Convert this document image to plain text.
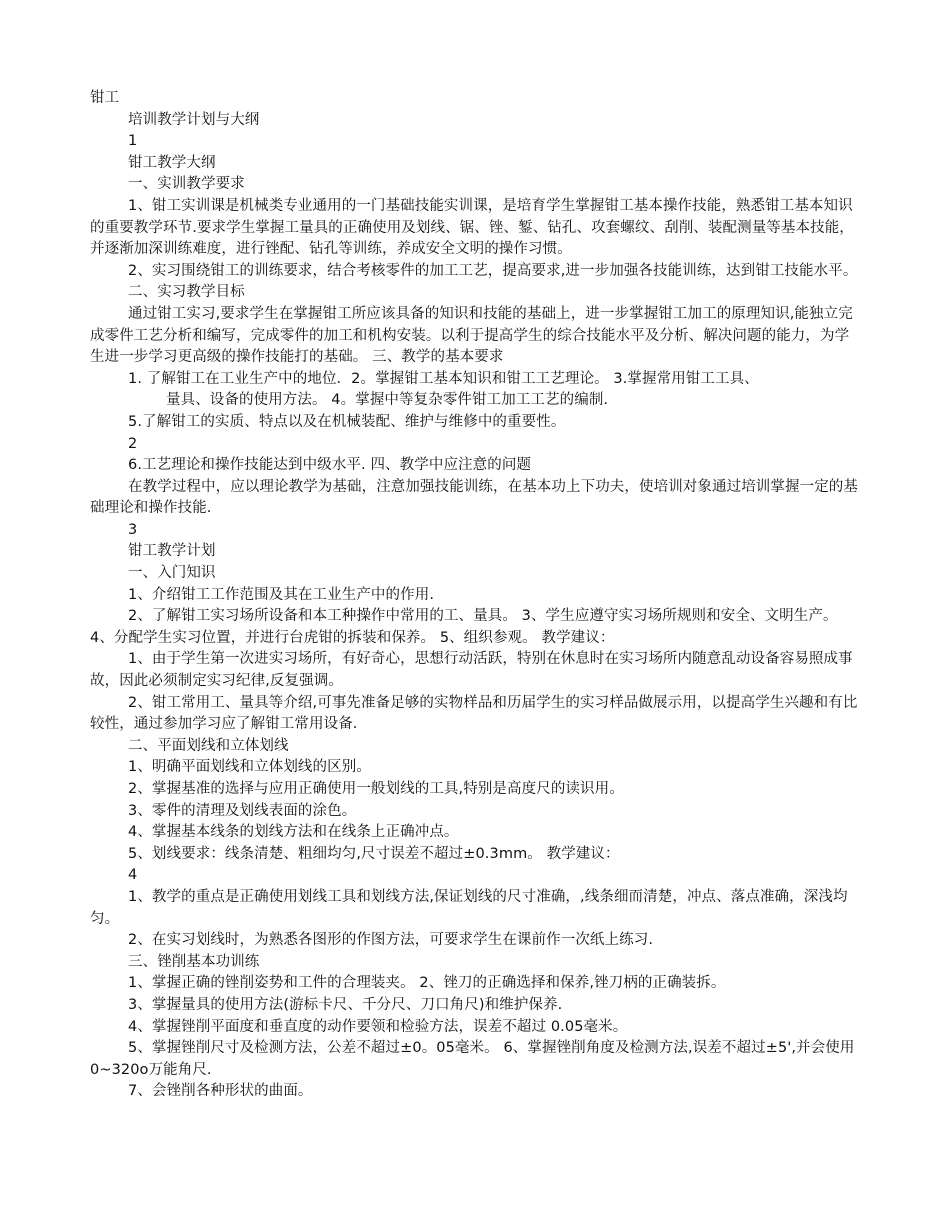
钳工

培训教学计划与大纲

1

钳工教学大纲

一、实训教学要求

1、钳工实训课是机械类专业通用的一门基础技能实训课，是培育学生掌握钳工基本操作技能，熟悉钳工基本知识的重要教学环节.要求学生掌握工量具的正确使用及划线、锯、锉、錾、钻孔、攻套螺纹、刮削、装配测量等基本技能，并逐渐加深训练难度，进行锉配、钻孔等训练，养成安全文明的操作习惯。

2、实习围绕钳工的训练要求，结合考核零件的加工工艺，提高要求,进一步加强各技能训练，达到钳工技能水平。

二、实习教学目标

通过钳工实习,要求学生在掌握钳工所应该具备的知识和技能的基础上，进一步掌握钳工加工的原理知识,能独立完成零件工艺分析和编写，完成零件的加工和机构安装。以利于提高学生的综合技能水平及分析、解决问题的能力，为学生进一步学习更高级的操作技能打的基础。 三、教学的基本要求

1. 了解钳工在工业生产中的地位．2。掌握钳工基本知识和钳工工艺理论。 3.掌握常用钳工工具、

量具、设备的使用方法。 4。掌握中等复杂零件钳工加工工艺的编制.

5.了解钳工的实质、特点以及在机械装配、维护与维修中的重要性。

2

6.工艺理论和操作技能达到中级水平. 四、教学中应注意的问题

在教学过程中，应以理论教学为基础，注意加强技能训练，在基本功上下功夫，使培训对象通过培训掌握一定的基础理论和操作技能.

3

钳工教学计划

一、入门知识

1、介绍钳工工作范围及其在工业生产中的作用.

2、了解钳工实习场所设备和本工种操作中常用的工、量具。 3、学生应遵守实习场所规则和安全、文明生产。 4、分配学生实习位置，并进行台虎钳的拆装和保养。 5、组织参观。 教学建议：

1、由于学生第一次进实习场所，有好奇心，思想行动活跃，特别在休息时在实习场所内随意乱动设备容易照成事故，因此必须制定实习纪律,反复强调。

2、钳工常用工、量具等介绍,可事先准备足够的实物样品和历届学生的实习样品做展示用，以提高学生兴趣和有比较性，通过参加学习应了解钳工常用设备.

二、平面划线和立体划线

1、明确平面划线和立体划线的区别。

2、掌握基准的选择与应用正确使用一般划线的工具,特别是高度尺的读识用。

3、零件的清理及划线表面的涂色。

4、掌握基本线条的划线方法和在线条上正确冲点。

5、划线要求：线条清楚、粗细均匀,尺寸误差不超过±0.3mm。 教学建议：

4

1、教学的重点是正确使用划线工具和划线方法,保证划线的尺寸准确，,线条细而清楚，冲点、落点准确，深浅均匀。

2、在实习划线时，为熟悉各图形的作图方法，可要求学生在课前作一次纸上练习.

三、锉削基本功训练

1、掌握正确的锉削姿势和工件的合理装夹。 2、锉刀的正确选择和保养,锉刀柄的正确装拆。

3、掌握量具的使用方法(游标卡尺、千分尺、刀口角尺)和维护保养.

4、掌握锉削平面度和垂直度的动作要领和检验方法，误差不超过 0.05毫米。

5、掌握锉削尺寸及检测方法，公差不超过±0。05毫米。 6、掌握锉削角度及检测方法,误差不超过±5',并会使用0~320o万能角尺.

7、会锉削各种形状的曲面。
